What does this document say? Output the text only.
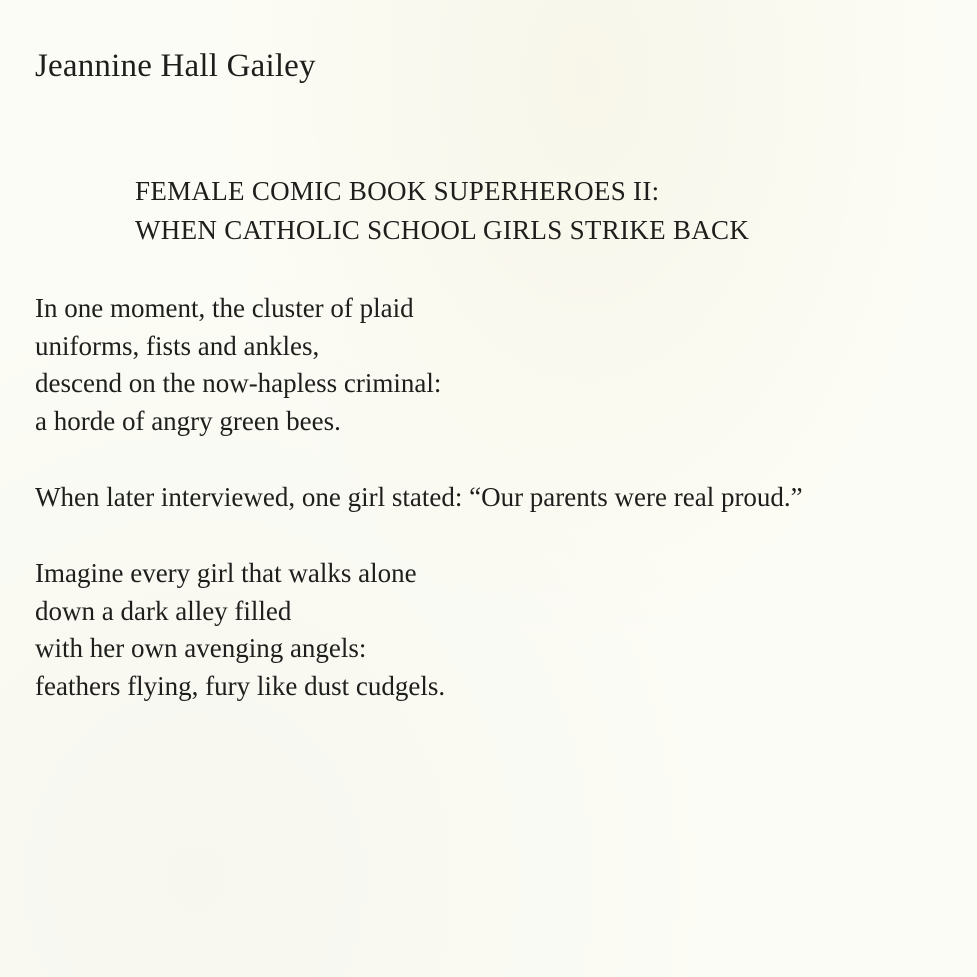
Jeannine Hall Gailey
FEMALE COMIC BOOK SUPERHEROES II:
WHEN CATHOLIC SCHOOL GIRLS STRIKE BACK
In one moment, the cluster of plaid
uniforms, fists and ankles,
descend on the now-hapless criminal:
a horde of angry green bees.
When later interviewed, one girl stated: “Our parents were real proud.”
Imagine every girl that walks alone
down a dark alley filled
with her own avenging angels:
feathers flying, fury like dust cudgels.
